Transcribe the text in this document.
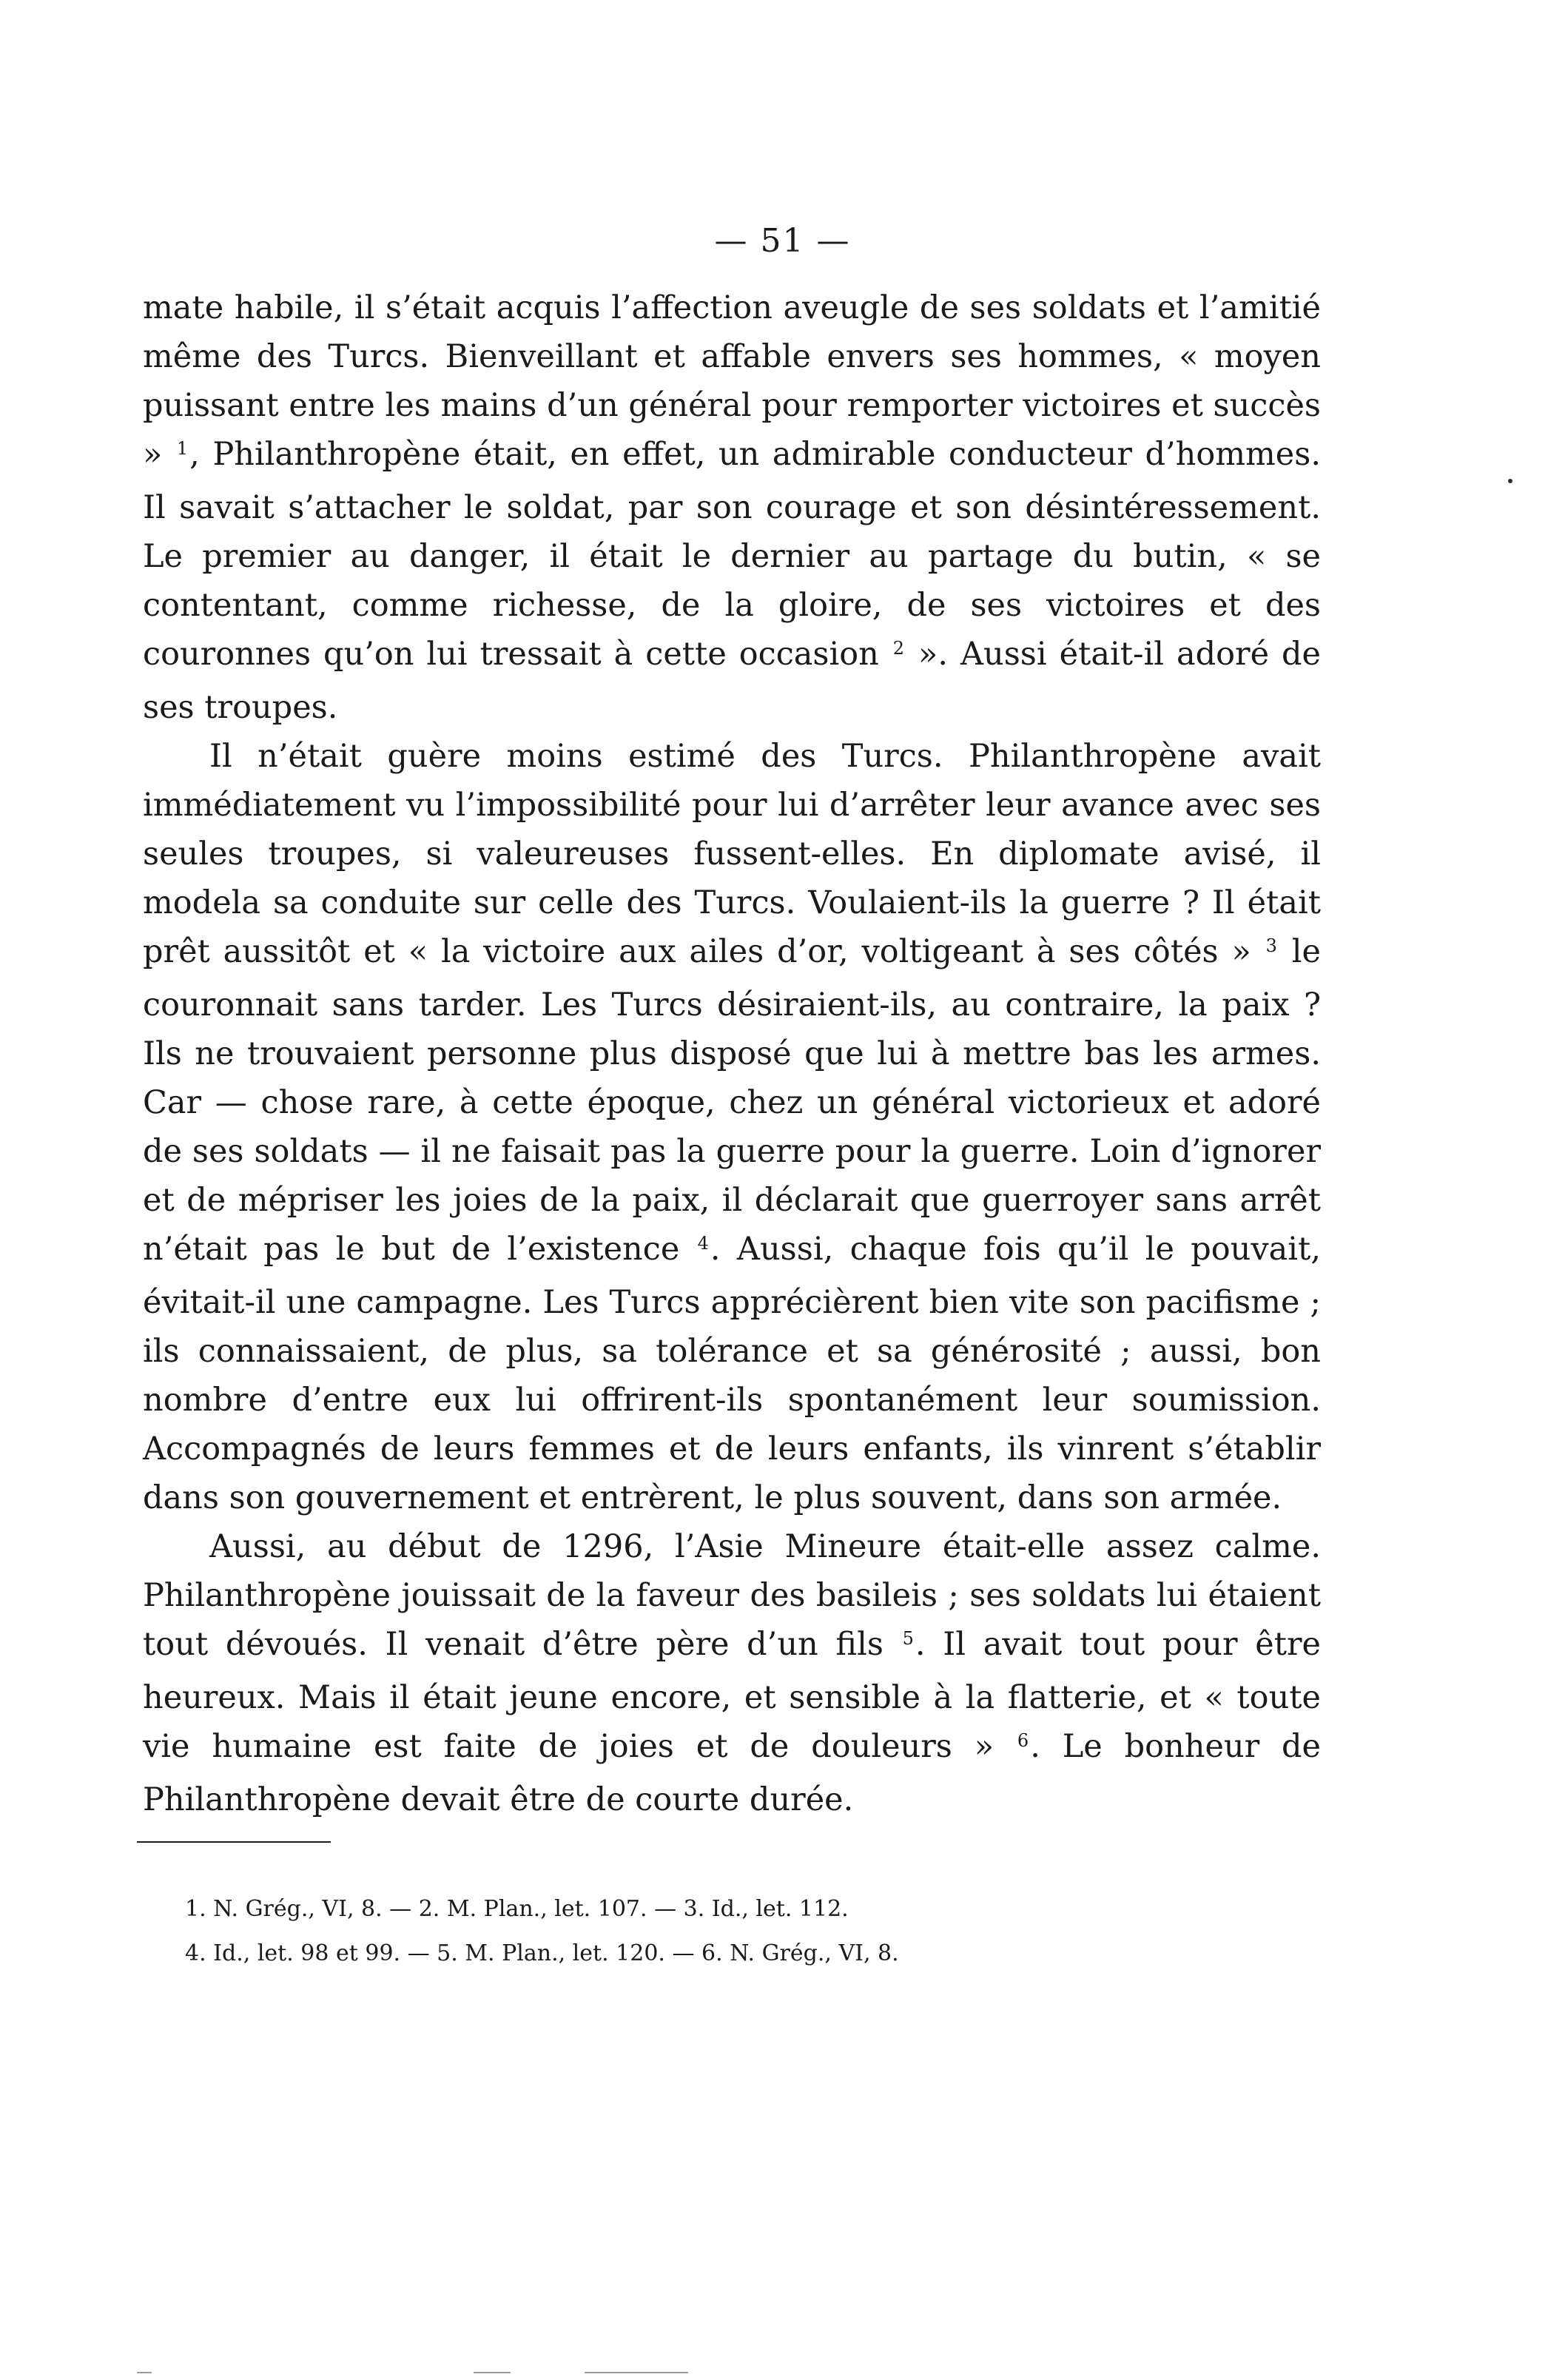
— 51 —

mate habile, il s’était acquis l’affection aveugle de ses soldats et l’amitié même des Turcs. Bienveillant et affable envers ses hommes, « moyen puissant entre les mains d’un général pour remporter victoires et succès » $^1$, Philanthropène était, en effet, un admirable conducteur d’hommes. Il savait s’attacher le soldat, par son courage et son désintéressement. Le premier au danger, il était le dernier au partage du butin, « se contentant, comme richesse, de la gloire, de ses victoires et des couronnes qu’on lui tressait à cette occasion $^2$ ». Aussi était-il adoré de ses troupes.

Il n’était guère moins estimé des Turcs. Philanthropène avait immédiatement vu l’impossibilité pour lui d’arrêter leur avance avec ses seules troupes, si valeureuses fussent-elles. En diplomate avisé, il modela sa conduite sur celle des Turcs. Voulaient-ils la guerre ? Il était prêt aussitôt et « la victoire aux ailes d’or, voltigeant à ses côtés » $^3$ le couronnait sans tarder. Les Turcs désiraient-ils, au contraire, la paix ? Ils ne trouvaient personne plus disposé que lui à mettre bas les armes. Car — chose rare, à cette époque, chez un général victorieux et adoré de ses soldats — il ne faisait pas la guerre pour la guerre. Loin d’ignorer et de mépriser les joies de la paix, il déclarait que guerroyer sans arrêt n’était pas le but de l’existence $^4$. Aussi, chaque fois qu’il le pouvait, évitait-il une campagne. Les Turcs apprécièrent bien vite son pacifisme ; ils connaissaient, de plus, sa tolérance et sa générosité ; aussi, bon nombre d’entre eux lui offrirent-ils spontanément leur soumission. Accompagnés de leurs femmes et de leurs enfants, ils vinrent s’établir dans son gouvernement et entrèrent, le plus souvent, dans son armée.

Aussi, au début de 1296, l’Asie Mineure était-elle assez calme. Philanthropène jouissait de la faveur des basileis ; ses soldats lui étaient tout dévoués. Il venait d’être père d’un fils $^5$. Il avait tout pour être heureux. Mais il était jeune encore, et sensible à la flatterie, et « toute vie humaine est faite de joies et de douleurs » $^6$. Le bonheur de Philanthropène devait être de courte durée.

1. N. Grég., VI, 8. — 2. M. Plan., let. 107. — 3. Id., let. 112.
4. Id., let. 98 et 99. — 5. M. Plan., let. 120. — 6. N. Grég., VI, 8.
